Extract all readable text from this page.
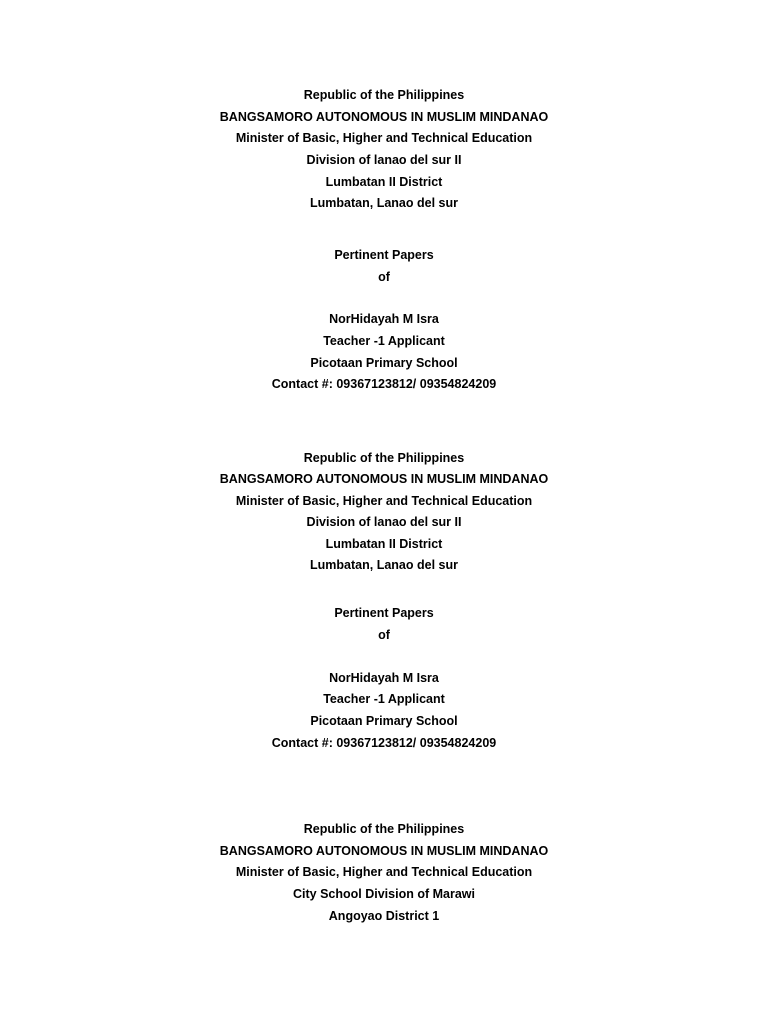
Republic of the Philippines
BANGSAMORO AUTONOMOUS IN MUSLIM MINDANAO
Minister of Basic, Higher and Technical Education
Division of lanao del sur II
Lumbatan II District
Lumbatan, Lanao del sur
Pertinent Papers
of
NorHidayah M Isra
Teacher -1 Applicant
Picotaan Primary School
Contact #: 09367123812/ 09354824209
Republic of the Philippines
BANGSAMORO AUTONOMOUS IN MUSLIM MINDANAO
Minister of Basic, Higher and Technical Education
Division of lanao del sur II
Lumbatan II District
Lumbatan, Lanao del sur
Pertinent Papers
of
NorHidayah M Isra
Teacher -1 Applicant
Picotaan Primary School
Contact #: 09367123812/ 09354824209
Republic of the Philippines
BANGSAMORO AUTONOMOUS IN MUSLIM MINDANAO
Minister of Basic, Higher and Technical Education
City School Division of Marawi
Angoyao District 1
